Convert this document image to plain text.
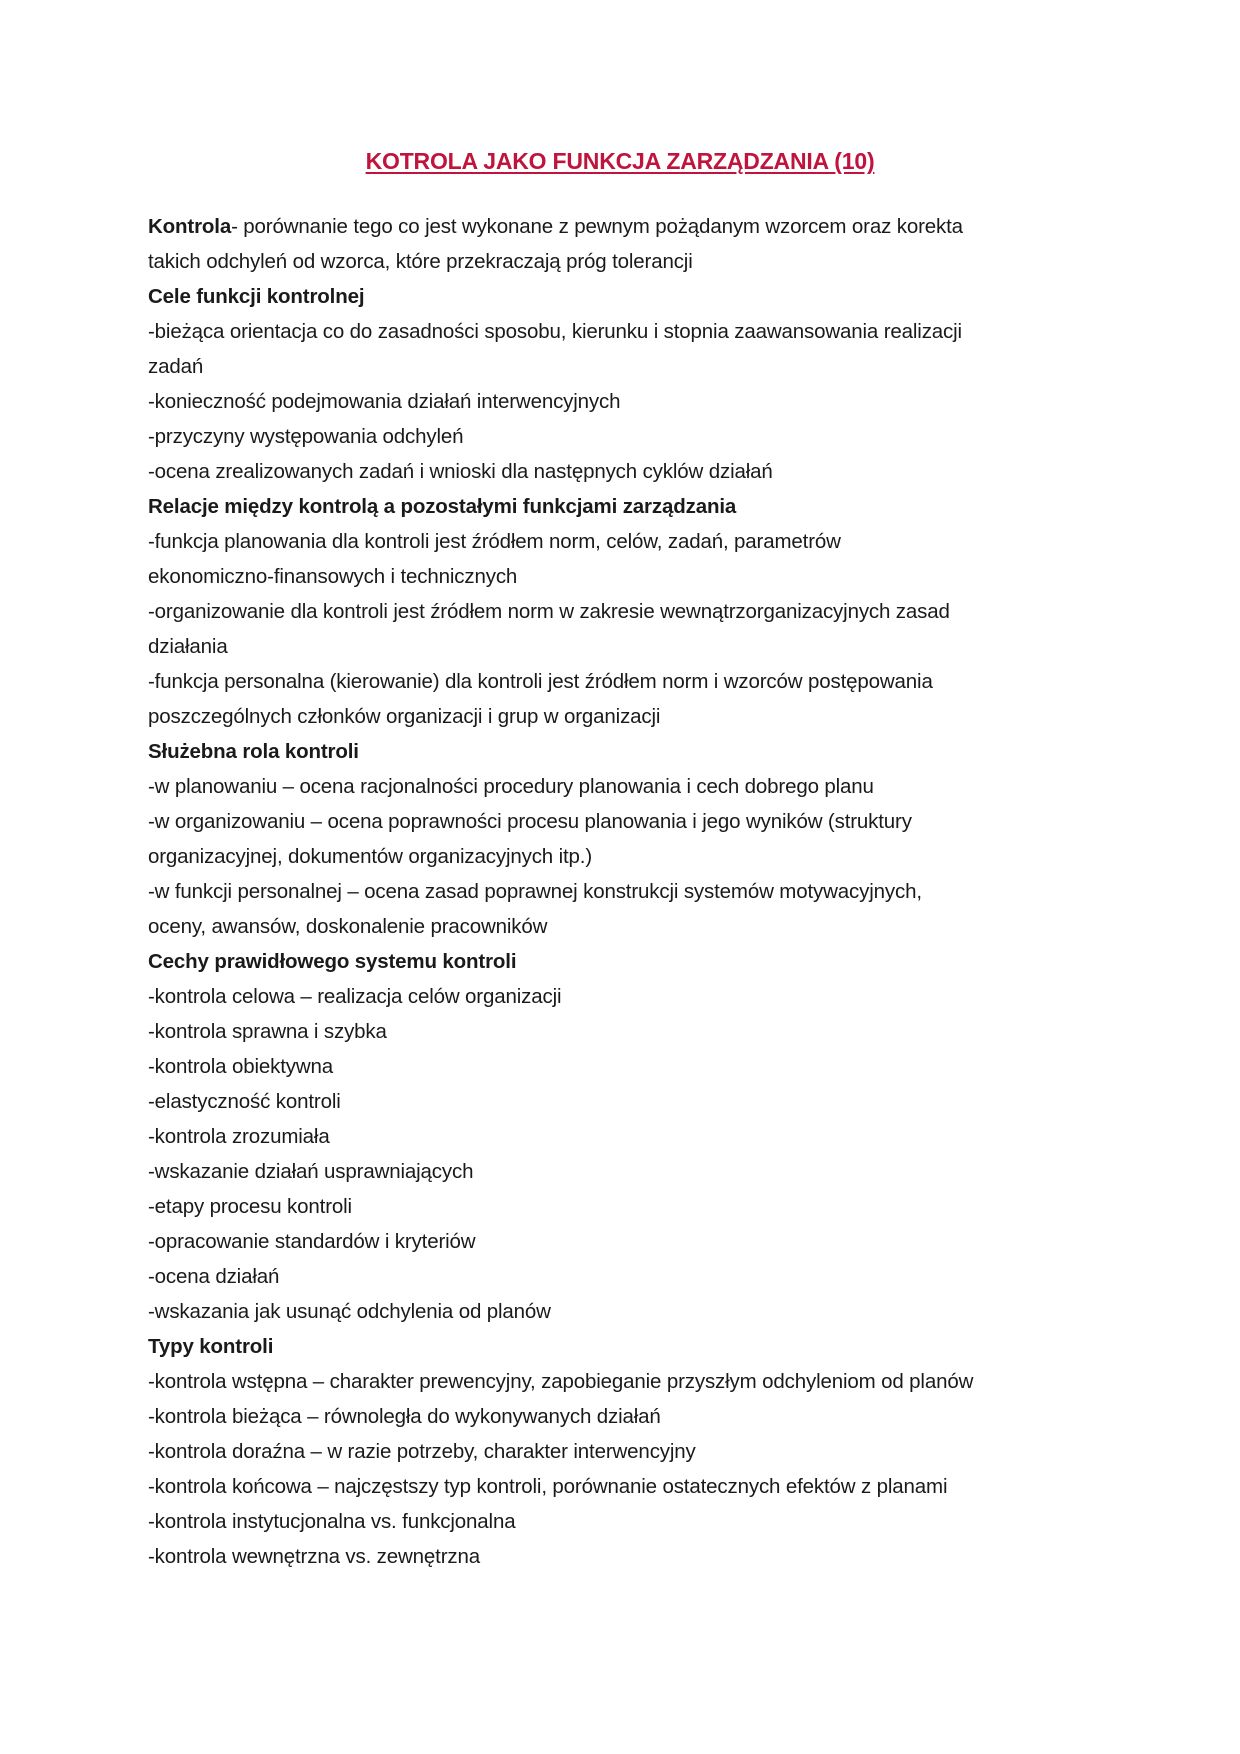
KOTROLA JAKO FUNKCJA ZARZĄDZANIA (10)
Kontrola- porównanie tego co jest wykonane z pewnym pożądanym wzorcem oraz korekta
takich odchyleń od wzorca, które przekraczają próg tolerancji
Cele funkcji kontrolnej
-bieżąca orientacja co do zasadności sposobu, kierunku i stopnia zaawansowania realizacji
zadań
-konieczność podejmowania działań interwencyjnych
-przyczyny występowania odchyleń
-ocena zrealizowanych zadań i wnioski dla następnych cyklów działań
Relacje między kontrolą a pozostałymi funkcjami zarządzania
-funkcja planowania dla kontroli jest źródłem norm, celów, zadań, parametrów
ekonomiczno-finansowych i technicznych
-organizowanie dla kontroli jest źródłem norm w zakresie wewnątrzorganizacyjnych zasad
działania
-funkcja personalna (kierowanie) dla kontroli jest źródłem norm i wzorców postępowania
poszczególnych członków organizacji i grup w organizacji
Służebna rola kontroli
-w planowaniu – ocena racjonalności procedury planowania i cech dobrego planu
-w organizowaniu – ocena poprawności procesu planowania i jego wyników (struktury
organizacyjnej, dokumentów organizacyjnych itp.)
-w funkcji personalnej – ocena zasad poprawnej konstrukcji systemów motywacyjnych,
oceny, awansów, doskonalenie pracowników
Cechy prawidłowego systemu kontroli
-kontrola celowa – realizacja celów organizacji
-kontrola sprawna i szybka
-kontrola obiektywna
-elastyczność kontroli
-kontrola zrozumiała
-wskazanie działań usprawniających
-etapy procesu kontroli
-opracowanie standardów i kryteriów
-ocena działań
-wskazania jak usunąć odchylenia od planów
Typy kontroli
-kontrola wstępna – charakter prewencyjny, zapobieganie przyszłym odchyleniom od planów
-kontrola bieżąca – równoległa do wykonywanych działań
-kontrola doraźna – w razie potrzeby, charakter interwencyjny
-kontrola końcowa – najczęstszy typ kontroli, porównanie ostatecznych efektów z planami
-kontrola instytucjonalna vs. funkcjonalna
-kontrola wewnętrzna vs. zewnętrzna
